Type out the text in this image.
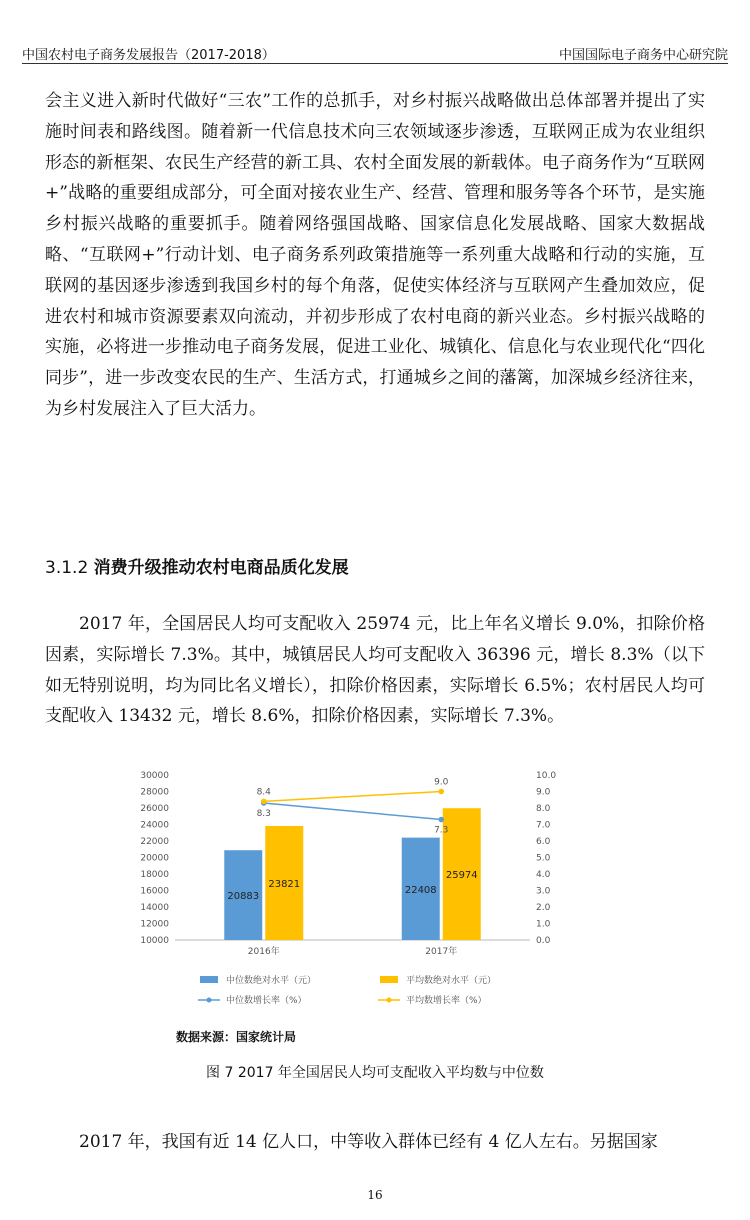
中国农村电子商务发展报告（2017-2018）	中国国际电子商务中心研究院

会主义进入新时代做好“三农”工作的总抓手，对乡村振兴战略做出总体部署并提出了实施时间表和路线图。随着新一代信息技术向三农领域逐步渗透，互联网正成为农业组织形态的新框架、农民生产经营的新工具、农村全面发展的新载体。电子商务作为“互联网+”战略的重要组成部分，可全面对接农业生产、经营、管理和服务等各个环节，是实施乡村振兴战略的重要抓手。随着网络强国战略、国家信息化发展战略、国家大数据战略、“互联网+”行动计划、电子商务系列政策措施等一系列重大战略和行动的实施，互联网的基因逐步渗透到我国乡村的每个角落，促使实体经济与互联网产生叠加效应，促进农村和城市资源要素双向流动，并初步形成了农村电商的新兴业态。乡村振兴战略的实施，必将进一步推动电子商务发展，促进工业化、城镇化、信息化与农业现代化“四化同步”，进一步改变农民的生产、生活方式，打通城乡之间的藩篱，加深城乡经济往来，为乡村发展注入了巨大活力。

3.1.2 消费升级推动农村电商品质化发展

2017 年，全国居民人均可支配收入 25974 元，比上年名义增长 9.0%，扣除价格因素，实际增长 7.3%。其中，城镇居民人均可支配收入 36396 元，增长 8.3%（以下如无特别说明，均为同比名义增长），扣除价格因素，实际增长 6.5%；农村居民人均可支配收入 13432 元，增长 8.6%，扣除价格因素，实际增长 7.3%。

10000
12000
14000
16000
18000
20000
22000
24000
26000
28000
30000
0.0
1.0
2.0
3.0
4.0
5.0
6.0
7.0
8.0
9.0
10.0
2016年	2017年
20883
22408
23821
25974
8.3
7.3
8.4
9.0
中位数绝对水平（元）	平均数绝对水平（元）
中位数增长率（%）	平均数增长率（%）
数据来源：国家统计局
图 7 2017 年全国居民人均可支配收入平均数与中位数

2017 年，我国有近 14 亿人口，中等收入群体已经有 4 亿人左右。另据国家

16
